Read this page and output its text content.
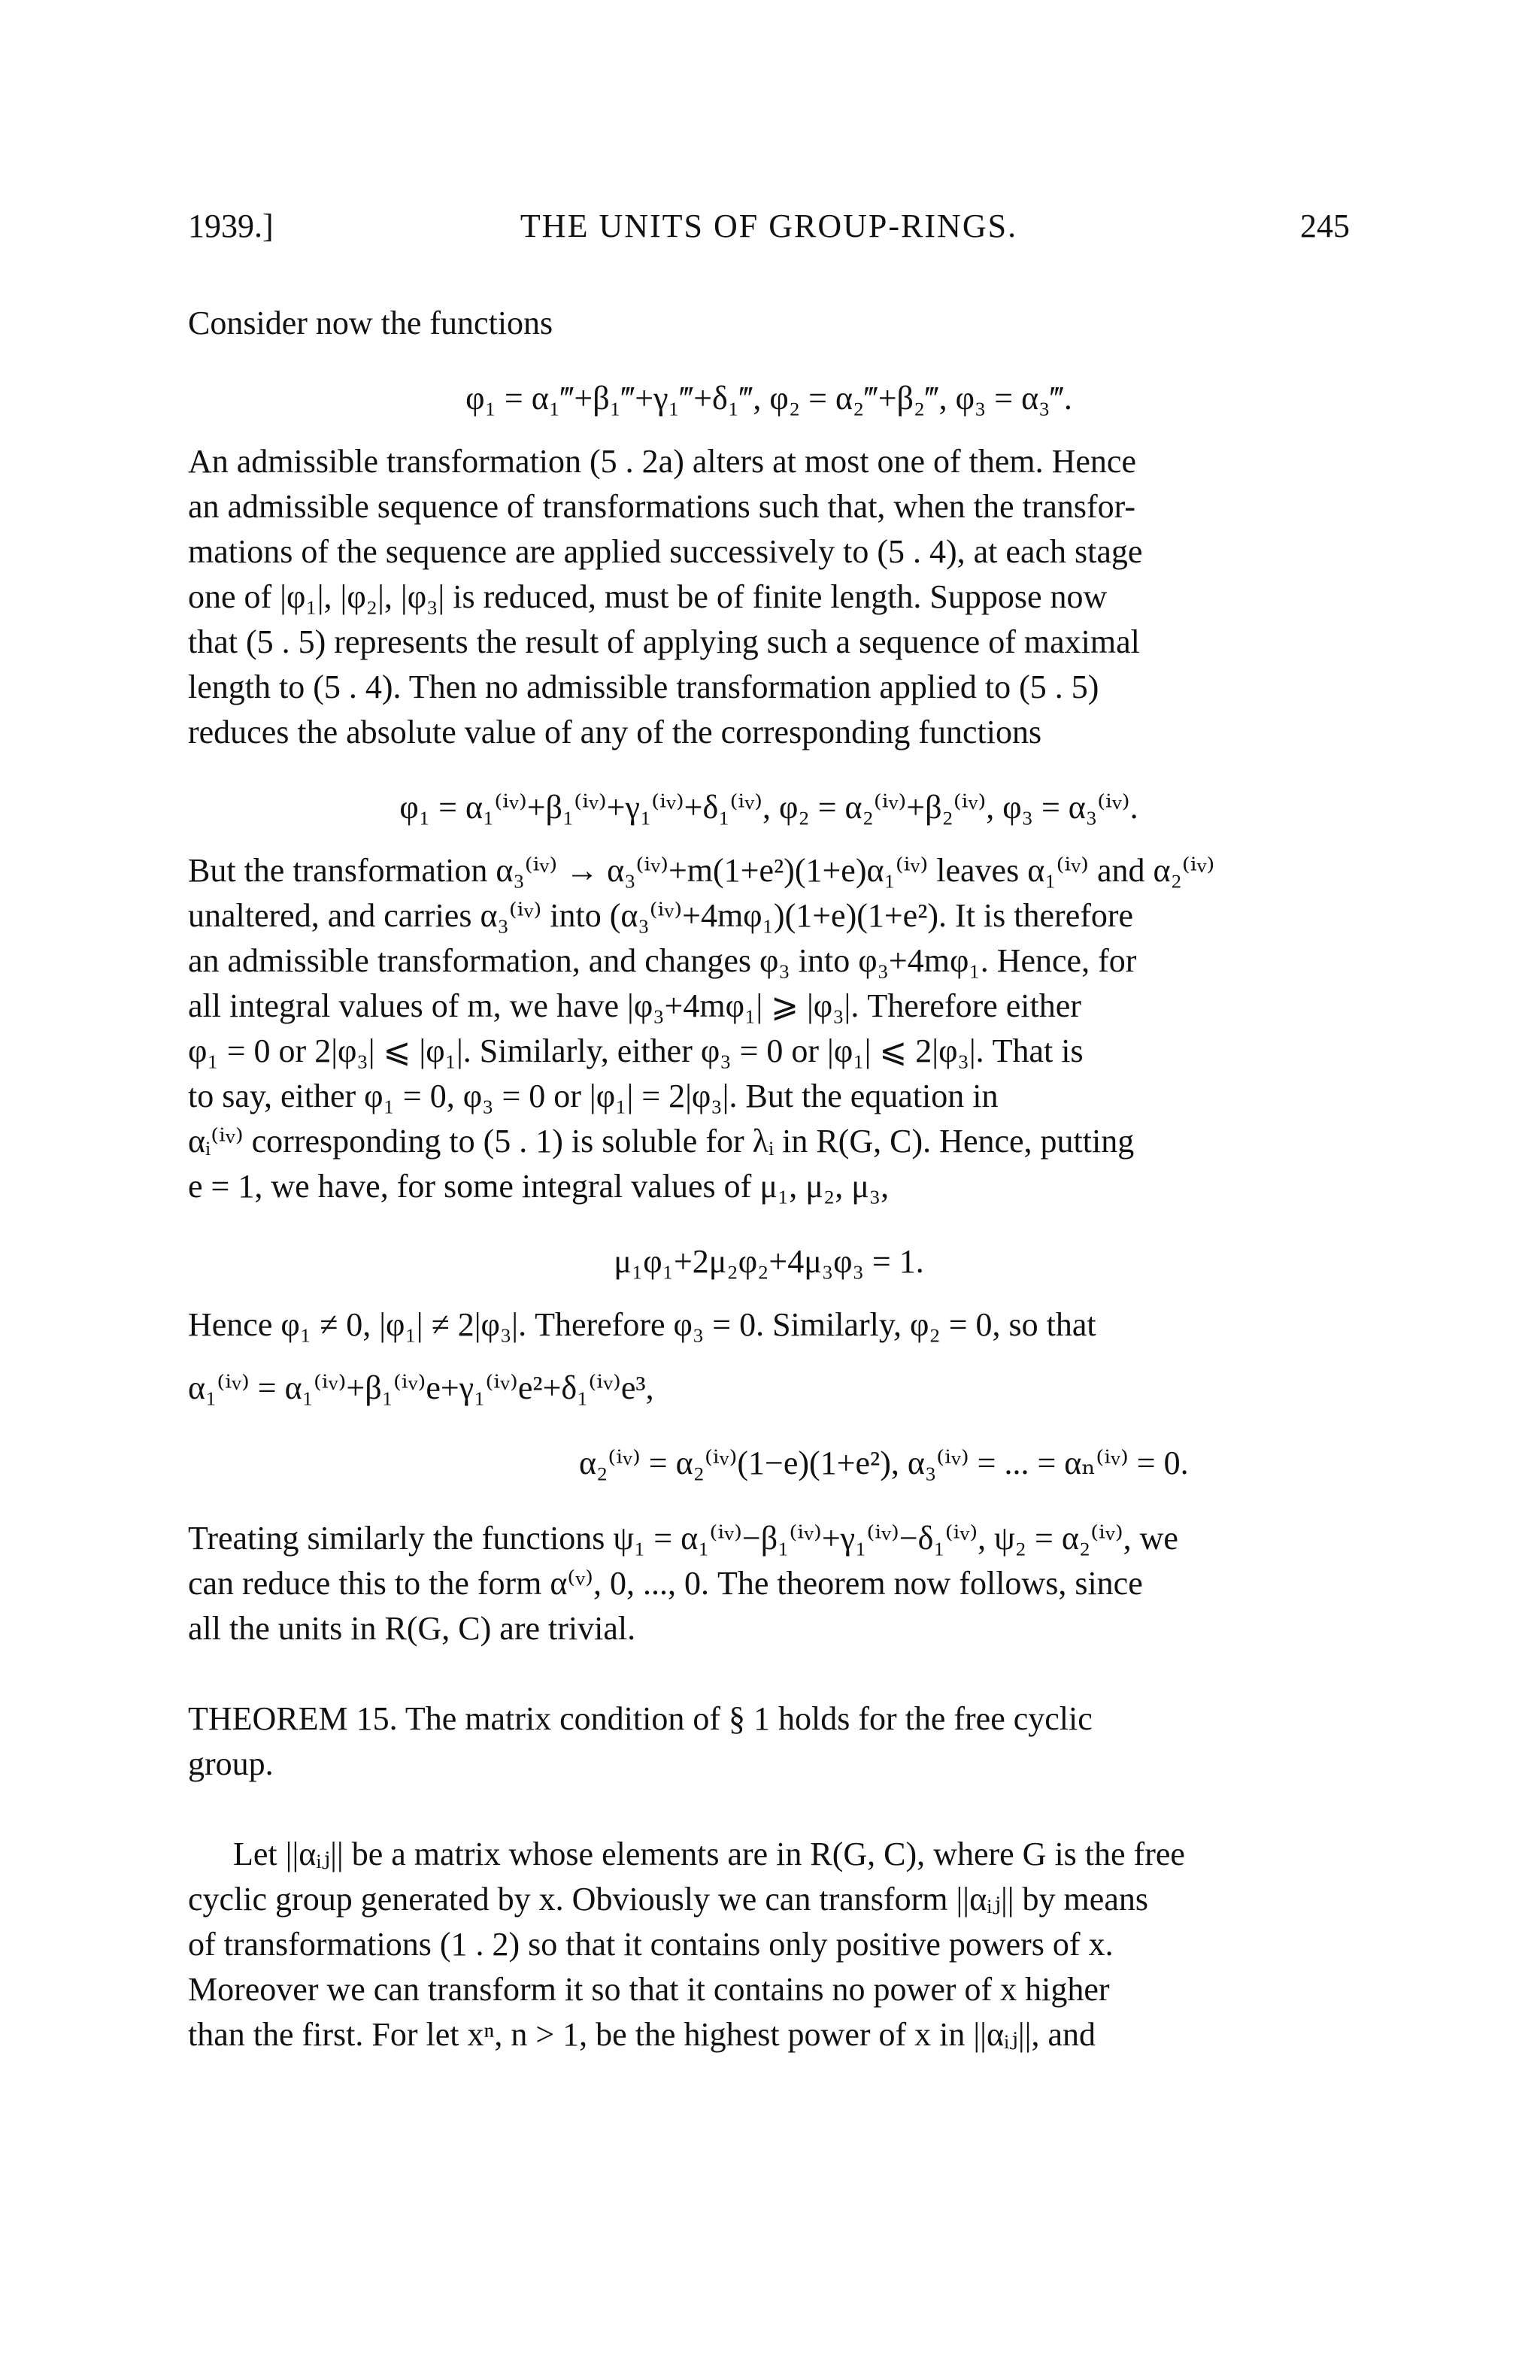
1939.]	THE UNITS OF GROUP-RINGS.	245
Consider now the functions
φ₁ = α₁‴+β₁‴+γ₁‴+δ₁‴, φ₂ = α₂‴+β₂‴, φ₃ = α₃‴.
An admissible transformation (5 . 2a) alters at most one of them. Hence
an admissible sequence of transformations such that, when the transfor-
mations of the sequence are applied successively to (5 . 4), at each stage
one of |φ₁|, |φ₂|, |φ₃| is reduced, must be of finite length. Suppose now
that (5 . 5) represents the result of applying such a sequence of maximal
length to (5 . 4). Then no admissible transformation applied to (5 . 5)
reduces the absolute value of any of the corresponding functions
φ₁ = α₁⁽ⁱᵛ⁾+β₁⁽ⁱᵛ⁾+γ₁⁽ⁱᵛ⁾+δ₁⁽ⁱᵛ⁾, φ₂ = α₂⁽ⁱᵛ⁾+β₂⁽ⁱᵛ⁾, φ₃ = α₃⁽ⁱᵛ⁾.
But the transformation α₃⁽ⁱᵛ⁾ → α₃⁽ⁱᵛ⁾+m(1+e²)(1+e)α₁⁽ⁱᵛ⁾ leaves α₁⁽ⁱᵛ⁾ and α₂⁽ⁱᵛ⁾
unaltered, and carries α₃⁽ⁱᵛ⁾ into (α₃⁽ⁱᵛ⁾+4mφ₁)(1+e)(1+e²). It is therefore
an admissible transformation, and changes φ₃ into φ₃+4mφ₁. Hence, for
all integral values of m, we have |φ₃+4mφ₁| ⩾ |φ₃|. Therefore either
φ₁ = 0 or 2|φ₃| ⩽ |φ₁|. Similarly, either φ₃ = 0 or |φ₁| ⩽ 2|φ₃|. That is
to say, either φ₁ = 0, φ₃ = 0 or |φ₁| = 2|φ₃|. But the equation in
αᵢ⁽ⁱᵛ⁾ corresponding to (5 . 1) is soluble for λᵢ in R(G, C). Hence, putting
e = 1, we have, for some integral values of μ₁, μ₂, μ₃,
μ₁φ₁+2μ₂φ₂+4μ₃φ₃ = 1.
Hence φ₁ ≠ 0, |φ₁| ≠ 2|φ₃|. Therefore φ₃ = 0. Similarly, φ₂ = 0, so that
α₁⁽ⁱᵛ⁾ = α₁⁽ⁱᵛ⁾+β₁⁽ⁱᵛ⁾e+γ₁⁽ⁱᵛ⁾e²+δ₁⁽ⁱᵛ⁾e³,
α₂⁽ⁱᵛ⁾ = α₂⁽ⁱᵛ⁾(1−e)(1+e²), α₃⁽ⁱᵛ⁾ = ... = αₙ⁽ⁱᵛ⁾ = 0.
Treating similarly the functions ψ₁ = α₁⁽ⁱᵛ⁾−β₁⁽ⁱᵛ⁾+γ₁⁽ⁱᵛ⁾−δ₁⁽ⁱᵛ⁾, ψ₂ = α₂⁽ⁱᵛ⁾, we
can reduce this to the form α⁽ᵛ⁾, 0, ..., 0. The theorem now follows, since
all the units in R(G, C) are trivial.
THEOREM 15. The matrix condition of § 1 holds for the free cyclic
group.
Let ||αᵢⱼ|| be a matrix whose elements are in R(G, C), where G is the free
cyclic group generated by x. Obviously we can transform ||αᵢⱼ|| by means
of transformations (1 . 2) so that it contains only positive powers of x.
Moreover we can transform it so that it contains no power of x higher
than the first. For let xⁿ, n > 1, be the highest power of x in ||αᵢⱼ||, and
